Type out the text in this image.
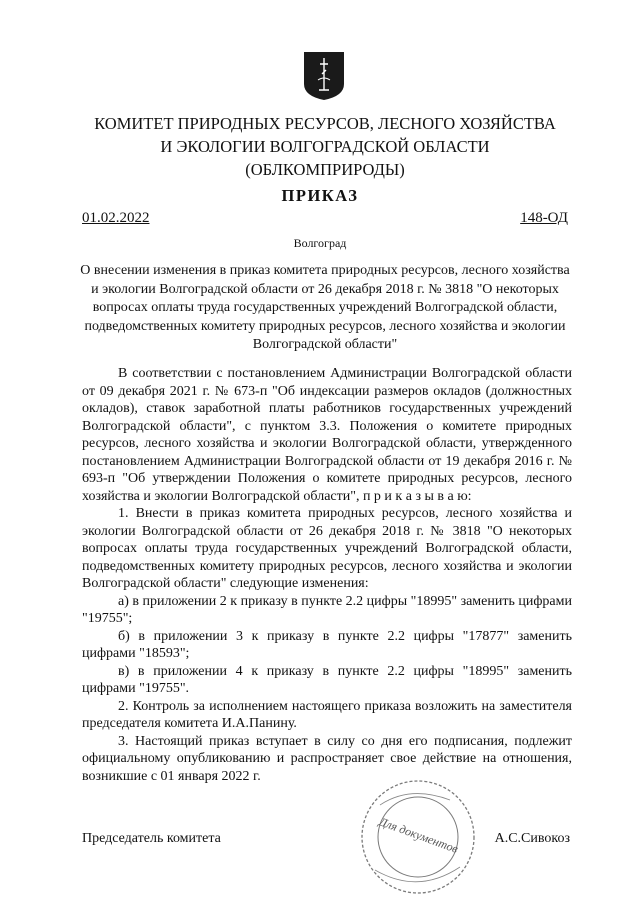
КОМИТЕТ ПРИРОДНЫХ РЕСУРСОВ, ЛЕСНОГО ХОЗЯЙСТВА
И ЭКОЛОГИИ ВОЛГОГРАДСКОЙ ОБЛАСТИ
(ОБЛКОМПРИРОДЫ)
ПРИКАЗ
01.02.2022	148-ОД
Волгоград
О внесении изменения в приказ комитета природных ресурсов, лесного хозяйства и экологии Волгоградской области от 26 декабря 2018 г. № 3818 "О некоторых вопросах оплаты труда государственных учреждений Волгоградской области, подведомственных комитету природных ресурсов, лесного хозяйства и экологии Волгоградской области"

В соответствии с постановлением Администрации Волгоградской области от 09 декабря 2021 г. № 673-п "Об индексации размеров окладов (должностных окладов), ставок заработной платы работников государственных учреждений Волгоградской области", с пунктом 3.3. Положения о комитете природных ресурсов, лесного хозяйства и экологии Волгоградской области, утвержденного постановлением Администрации Волгоградской области от 19 декабря 2016 г. № 693-п "Об утверждении Положения о комитете природных ресурсов, лесного хозяйства и экологии Волгоградской области", п р и к а з ы в а ю:

1. Внести в приказ комитета природных ресурсов, лесного хозяйства и экологии Волгоградской области от 26 декабря 2018 г. № 3818 "О некоторых вопросах оплаты труда государственных учреждений Волгоградской области, подведомственных комитету природных ресурсов, лесного хозяйства и экологии Волгоградской области" следующие изменения:

а) в приложении 2 к приказу в пункте 2.2 цифры "18995" заменить цифрами "19755";

б) в приложении 3 к приказу в пункте 2.2 цифры "17877" заменить цифрами "18593";

в) в приложении 4 к приказу в пункте 2.2 цифры "18995" заменить цифрами "19755".

2. Контроль за исполнением настоящего приказа возложить на заместителя председателя комитета И.А.Панину.

3. Настоящий приказ вступает в силу со дня его подписания, подлежит официальному опубликованию и распространяет свое действие на отношения, возникшие с 01 января 2022 г.

Для документов
Председатель комитета	А.С.Сивокоз
